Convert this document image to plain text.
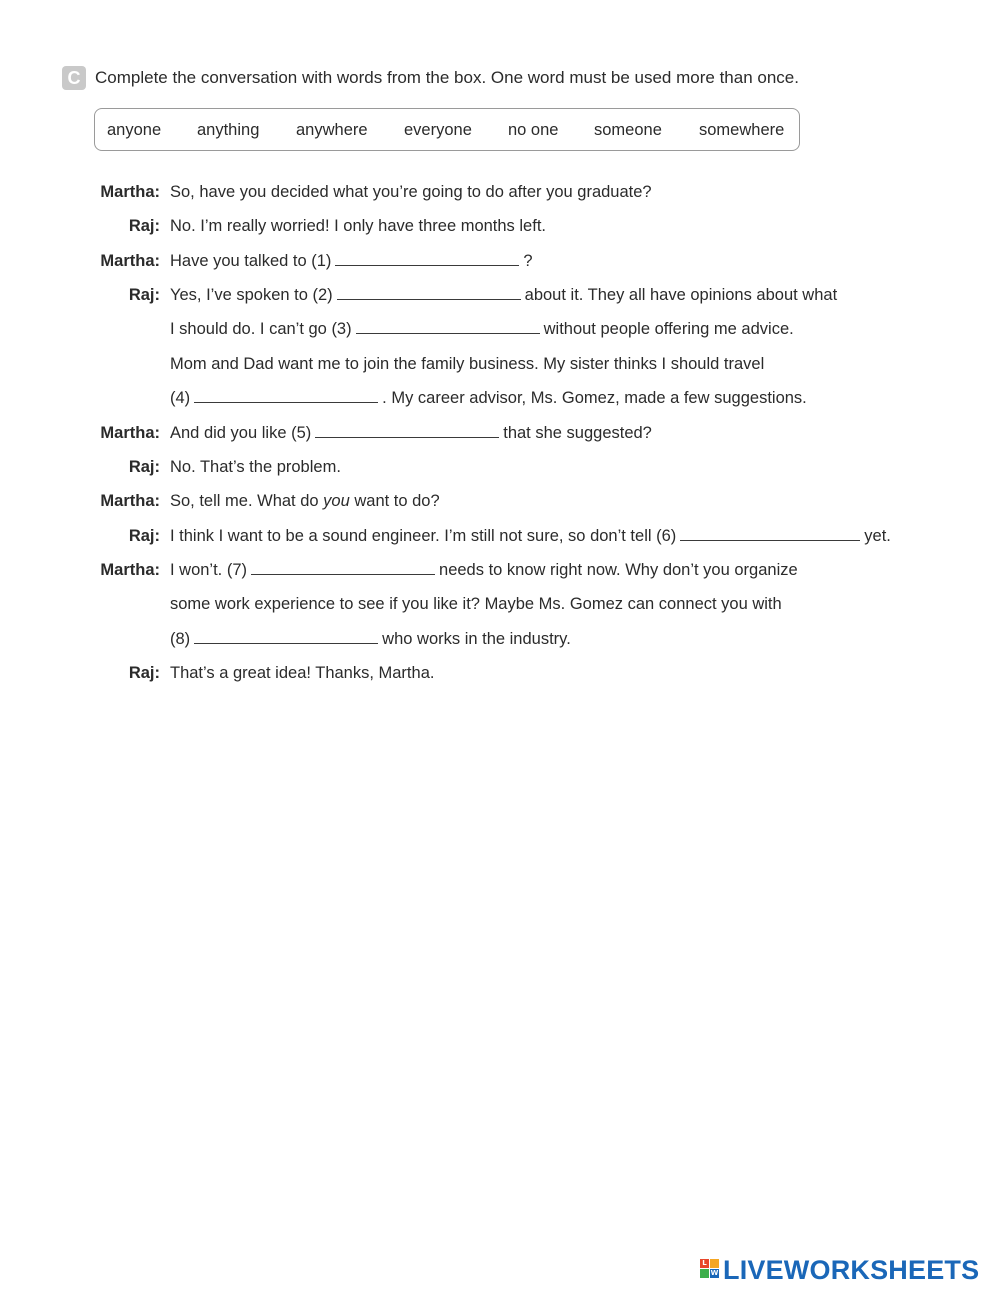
C Complete the conversation with words from the box. One word must be used more than once.
anyone anything anywhere everyone no one someone somewhere
Martha: So, have you decided what you’re going to do after you graduate?
Raj: No. I’m really worried! I only have three months left.
Martha: Have you talked to (1)	?
Raj: Yes, I’ve spoken to (2)	about it. They all have opinions about what
I should do. I can’t go (3)	without people offering me advice.
Mom and Dad want me to join the family business. My sister thinks I should travel
(4)	. My career advisor, Ms. Gomez, made a few suggestions.
Martha: And did you like (5)	that she suggested?
Raj: No. That’s the problem.
Martha: So, tell me. What do you want to do?
Raj: I think I want to be a sound engineer. I’m still not sure, so don’t tell (6)	yet.
Martha: I won’t. (7)	needs to know right now. Why don’t you organize
some work experience to see if you like it? Maybe Ms. Gomez can connect you with
(8)	who works in the industry.
Raj: That’s a great idea! Thanks, Martha.
L
W LIVEWORKSHEETS
